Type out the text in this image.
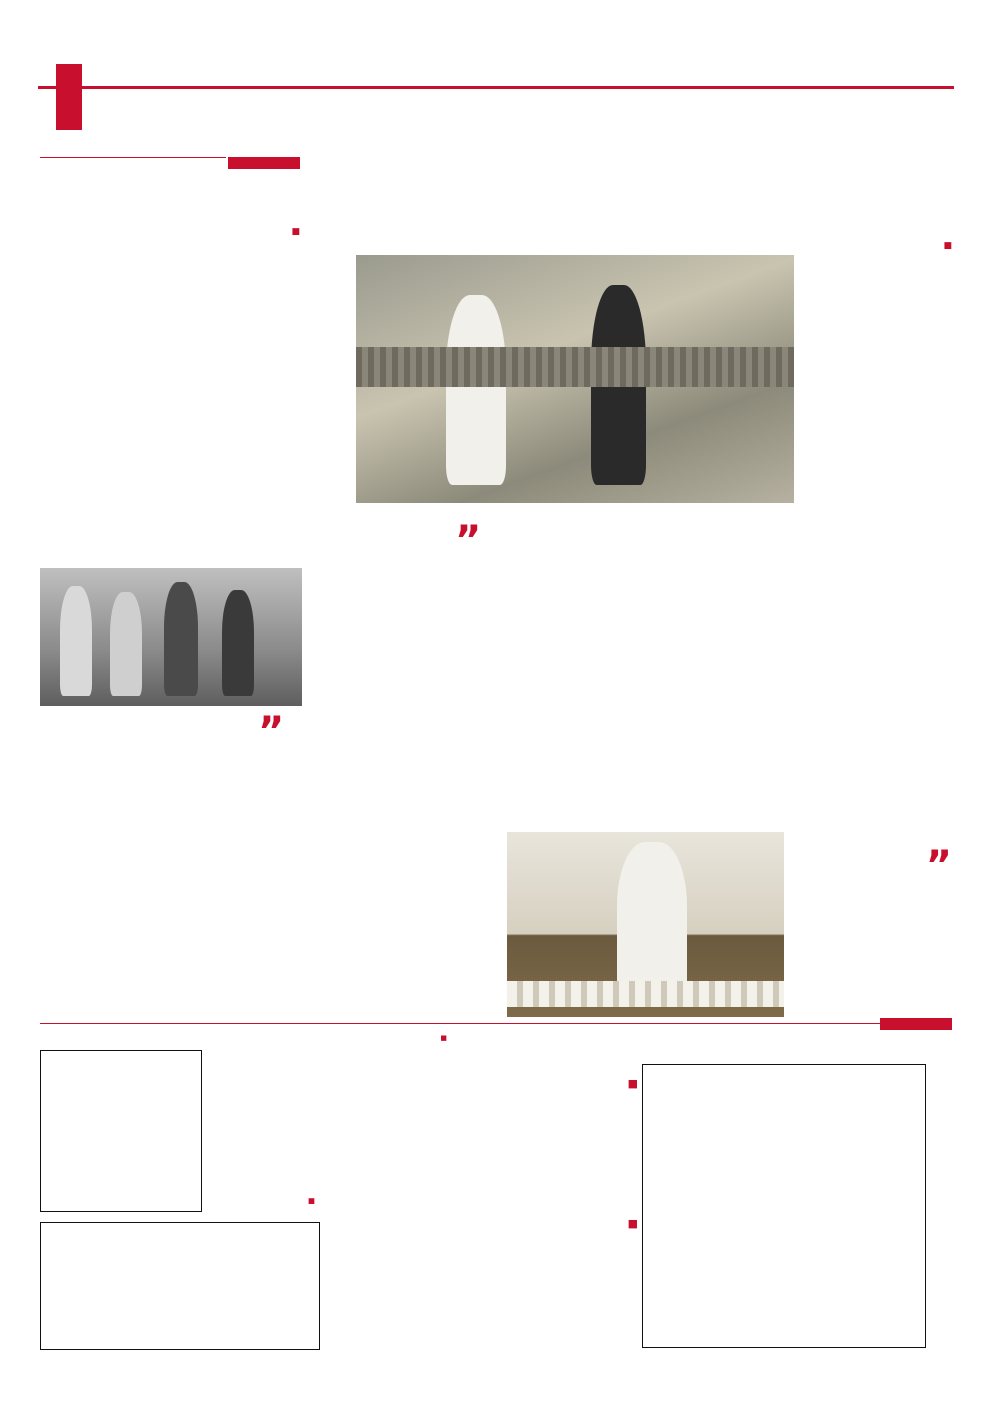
■
”
”
■
”
■
■
■
■
